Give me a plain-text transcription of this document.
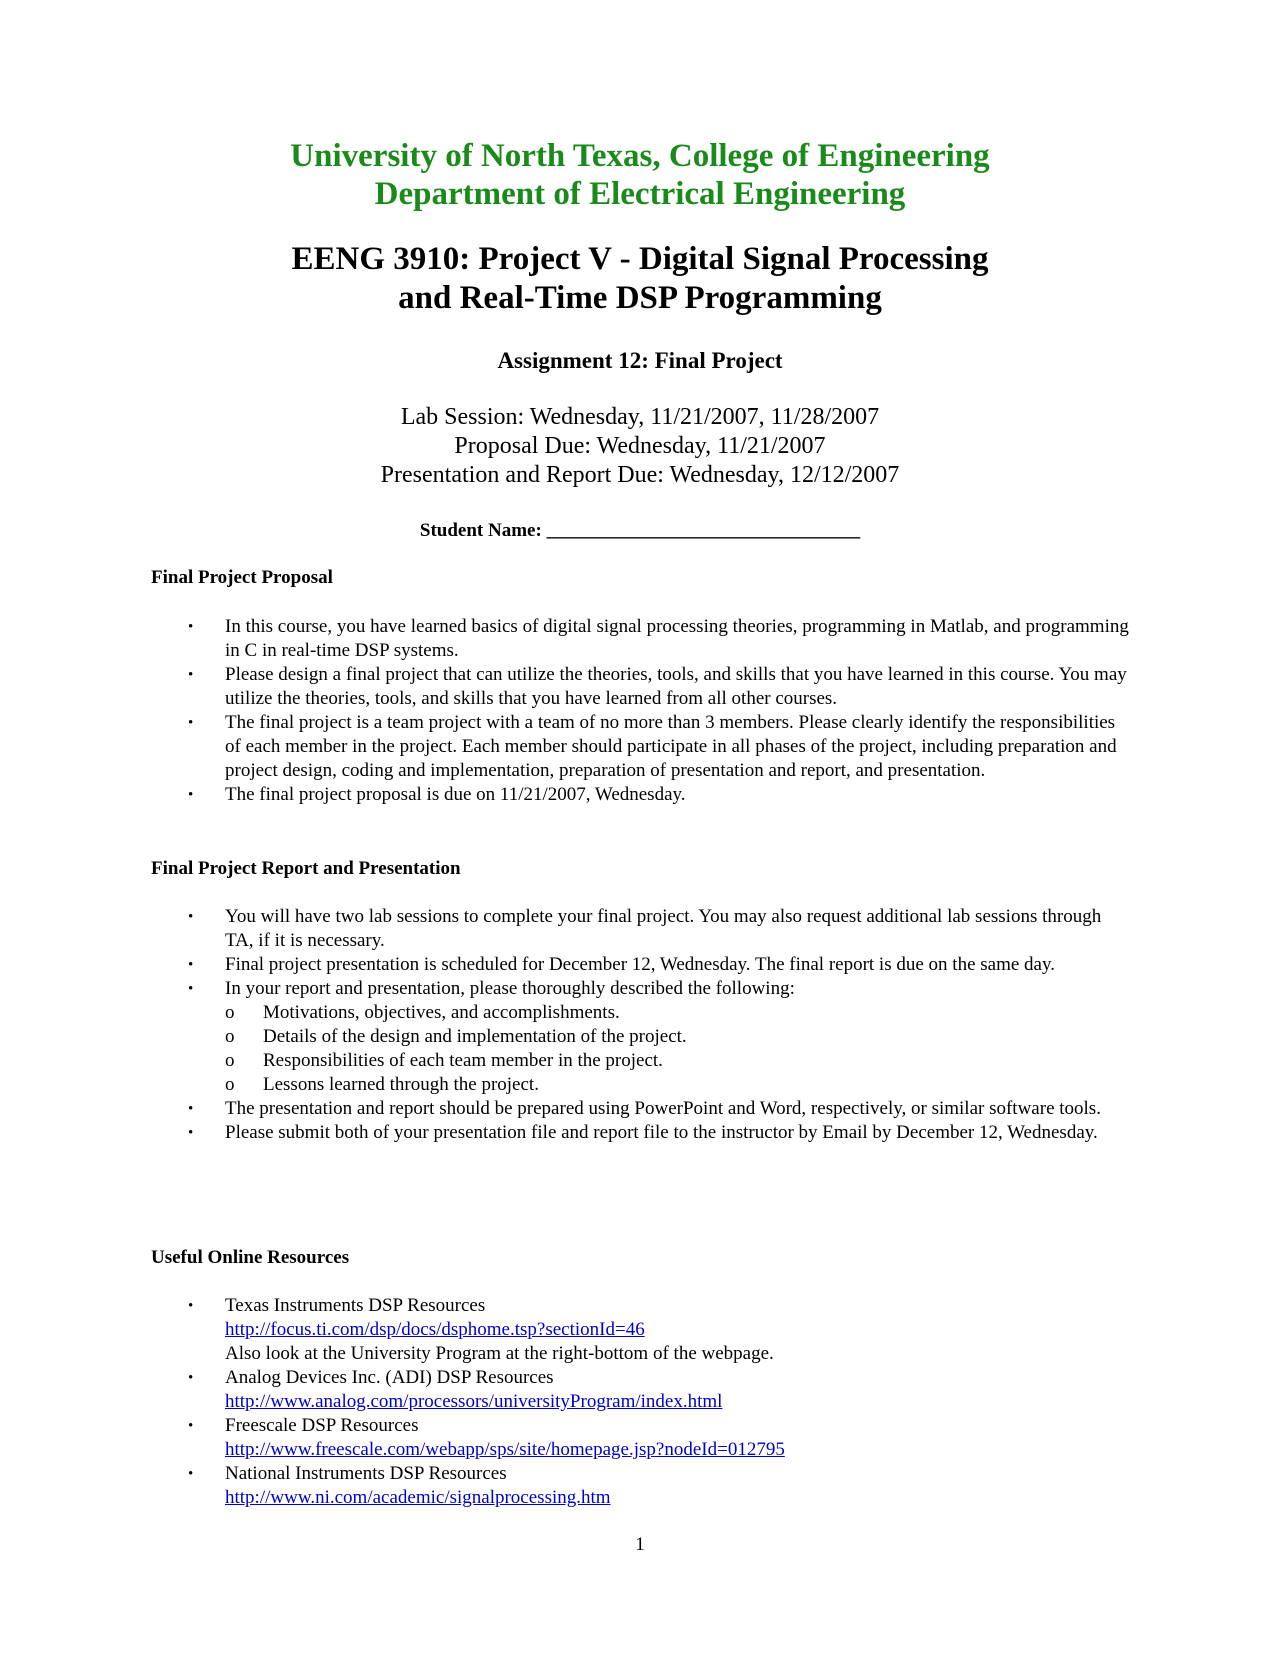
University of North Texas, College of Engineering
Department of Electrical Engineering
EENG 3910: Project V - Digital Signal Processing
and Real-Time DSP Programming
Assignment 12: Final Project
Lab Session: Wednesday, 11/21/2007, 11/28/2007
Proposal Due: Wednesday, 11/21/2007
Presentation and Report Due: Wednesday, 12/12/2007
Student Name: _________________________________
Final Project Proposal
• In this course, you have learned basics of digital signal processing theories, programming in Matlab, and programming in C in real-time DSP systems.
• Please design a final project that can utilize the theories, tools, and skills that you have learned in this course. You may utilize the theories, tools, and skills that you have learned from all other courses.
• The final project is a team project with a team of no more than 3 members. Please clearly identify the responsibilities of each member in the project. Each member should participate in all phases of the project, including preparation and project design, coding and implementation, preparation of presentation and report, and presentation.
• The final project proposal is due on 11/21/2007, Wednesday.
Final Project Report and Presentation
• You will have two lab sessions to complete your final project. You may also request additional lab sessions through TA, if it is necessary.
• Final project presentation is scheduled for December 12, Wednesday. The final report is due on the same day.
• In your report and presentation, please thoroughly described the following:
o Motivations, objectives, and accomplishments.
o Details of the design and implementation of the project.
o Responsibilities of each team member in the project.
o Lessons learned through the project.
• The presentation and report should be prepared using PowerPoint and Word, respectively, or similar software tools.
• Please submit both of your presentation file and report file to the instructor by Email by December 12, Wednesday.
Useful Online Resources
• Texas Instruments DSP Resources
http://focus.ti.com/dsp/docs/dsphome.tsp?sectionId=46
Also look at the University Program at the right-bottom of the webpage.
• Analog Devices Inc. (ADI) DSP Resources
http://www.analog.com/processors/universityProgram/index.html
• Freescale DSP Resources
http://www.freescale.com/webapp/sps/site/homepage.jsp?nodeId=012795
• National Instruments DSP Resources
http://www.ni.com/academic/signalprocessing.htm
1
